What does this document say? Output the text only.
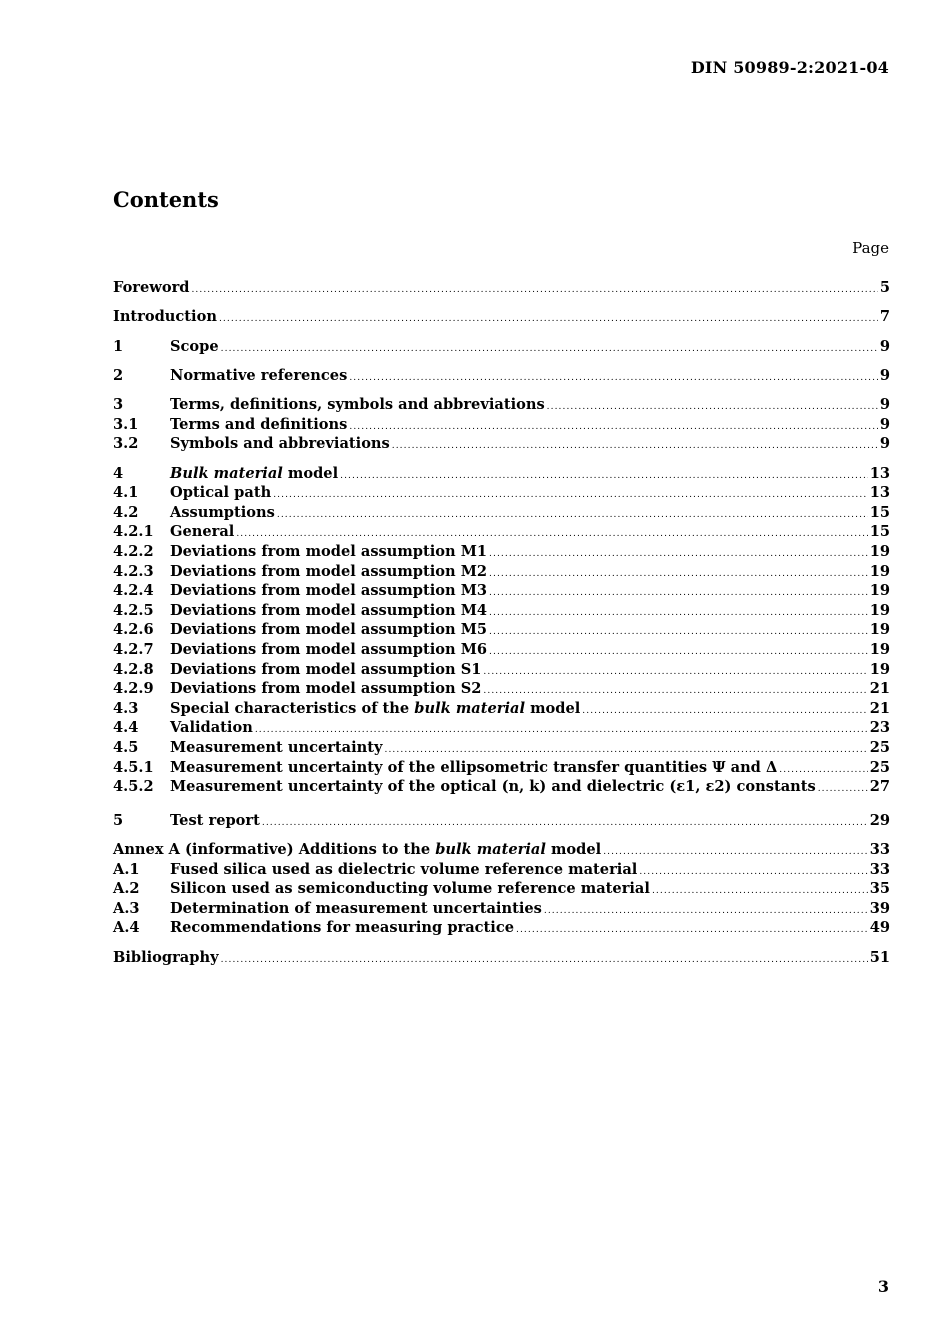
DIN 50989-2:2021-04
Contents
Page
Foreword .....	5
Introduction .....	7
1	Scope .....	9
2	Normative references .....	9
3	Terms, definitions, symbols and abbreviations .....	9
3.1	Terms and definitions .....	9
3.2	Symbols and abbreviations .....	9
4	Bulk material model .....	13
4.1	Optical path .....	13
4.2	Assumptions .....	15
4.2.1	General .....	15
4.2.2	Deviations from model assumption M1 .....	19
4.2.3	Deviations from model assumption M2 .....	19
4.2.4	Deviations from model assumption M3 .....	19
4.2.5	Deviations from model assumption M4 .....	19
4.2.6	Deviations from model assumption M5 .....	19
4.2.7	Deviations from model assumption M6 .....	19
4.2.8	Deviations from model assumption S1 .....	19
4.2.9	Deviations from model assumption S2 .....	21
4.3	Special characteristics of the bulk material model .....	21
4.4	Validation .....	23
4.5	Measurement uncertainty .....	25
4.5.1	Measurement uncertainty of the ellipsometric transfer quantities Ψ and Δ .....	25
4.5.2	Measurement uncertainty of the optical (n, k) and dielectric (ε1, ε2) constants .....	27
5	Test report .....	29
Annex A (informative) Additions to the bulk material model .....	33
A.1	Fused silica used as dielectric volume reference material .....	33
A.2	Silicon used as semiconducting volume reference material .....	35
A.3	Determination of measurement uncertainties .....	39
A.4	Recommendations for measuring practice .....	49
Bibliography .....	51
3
